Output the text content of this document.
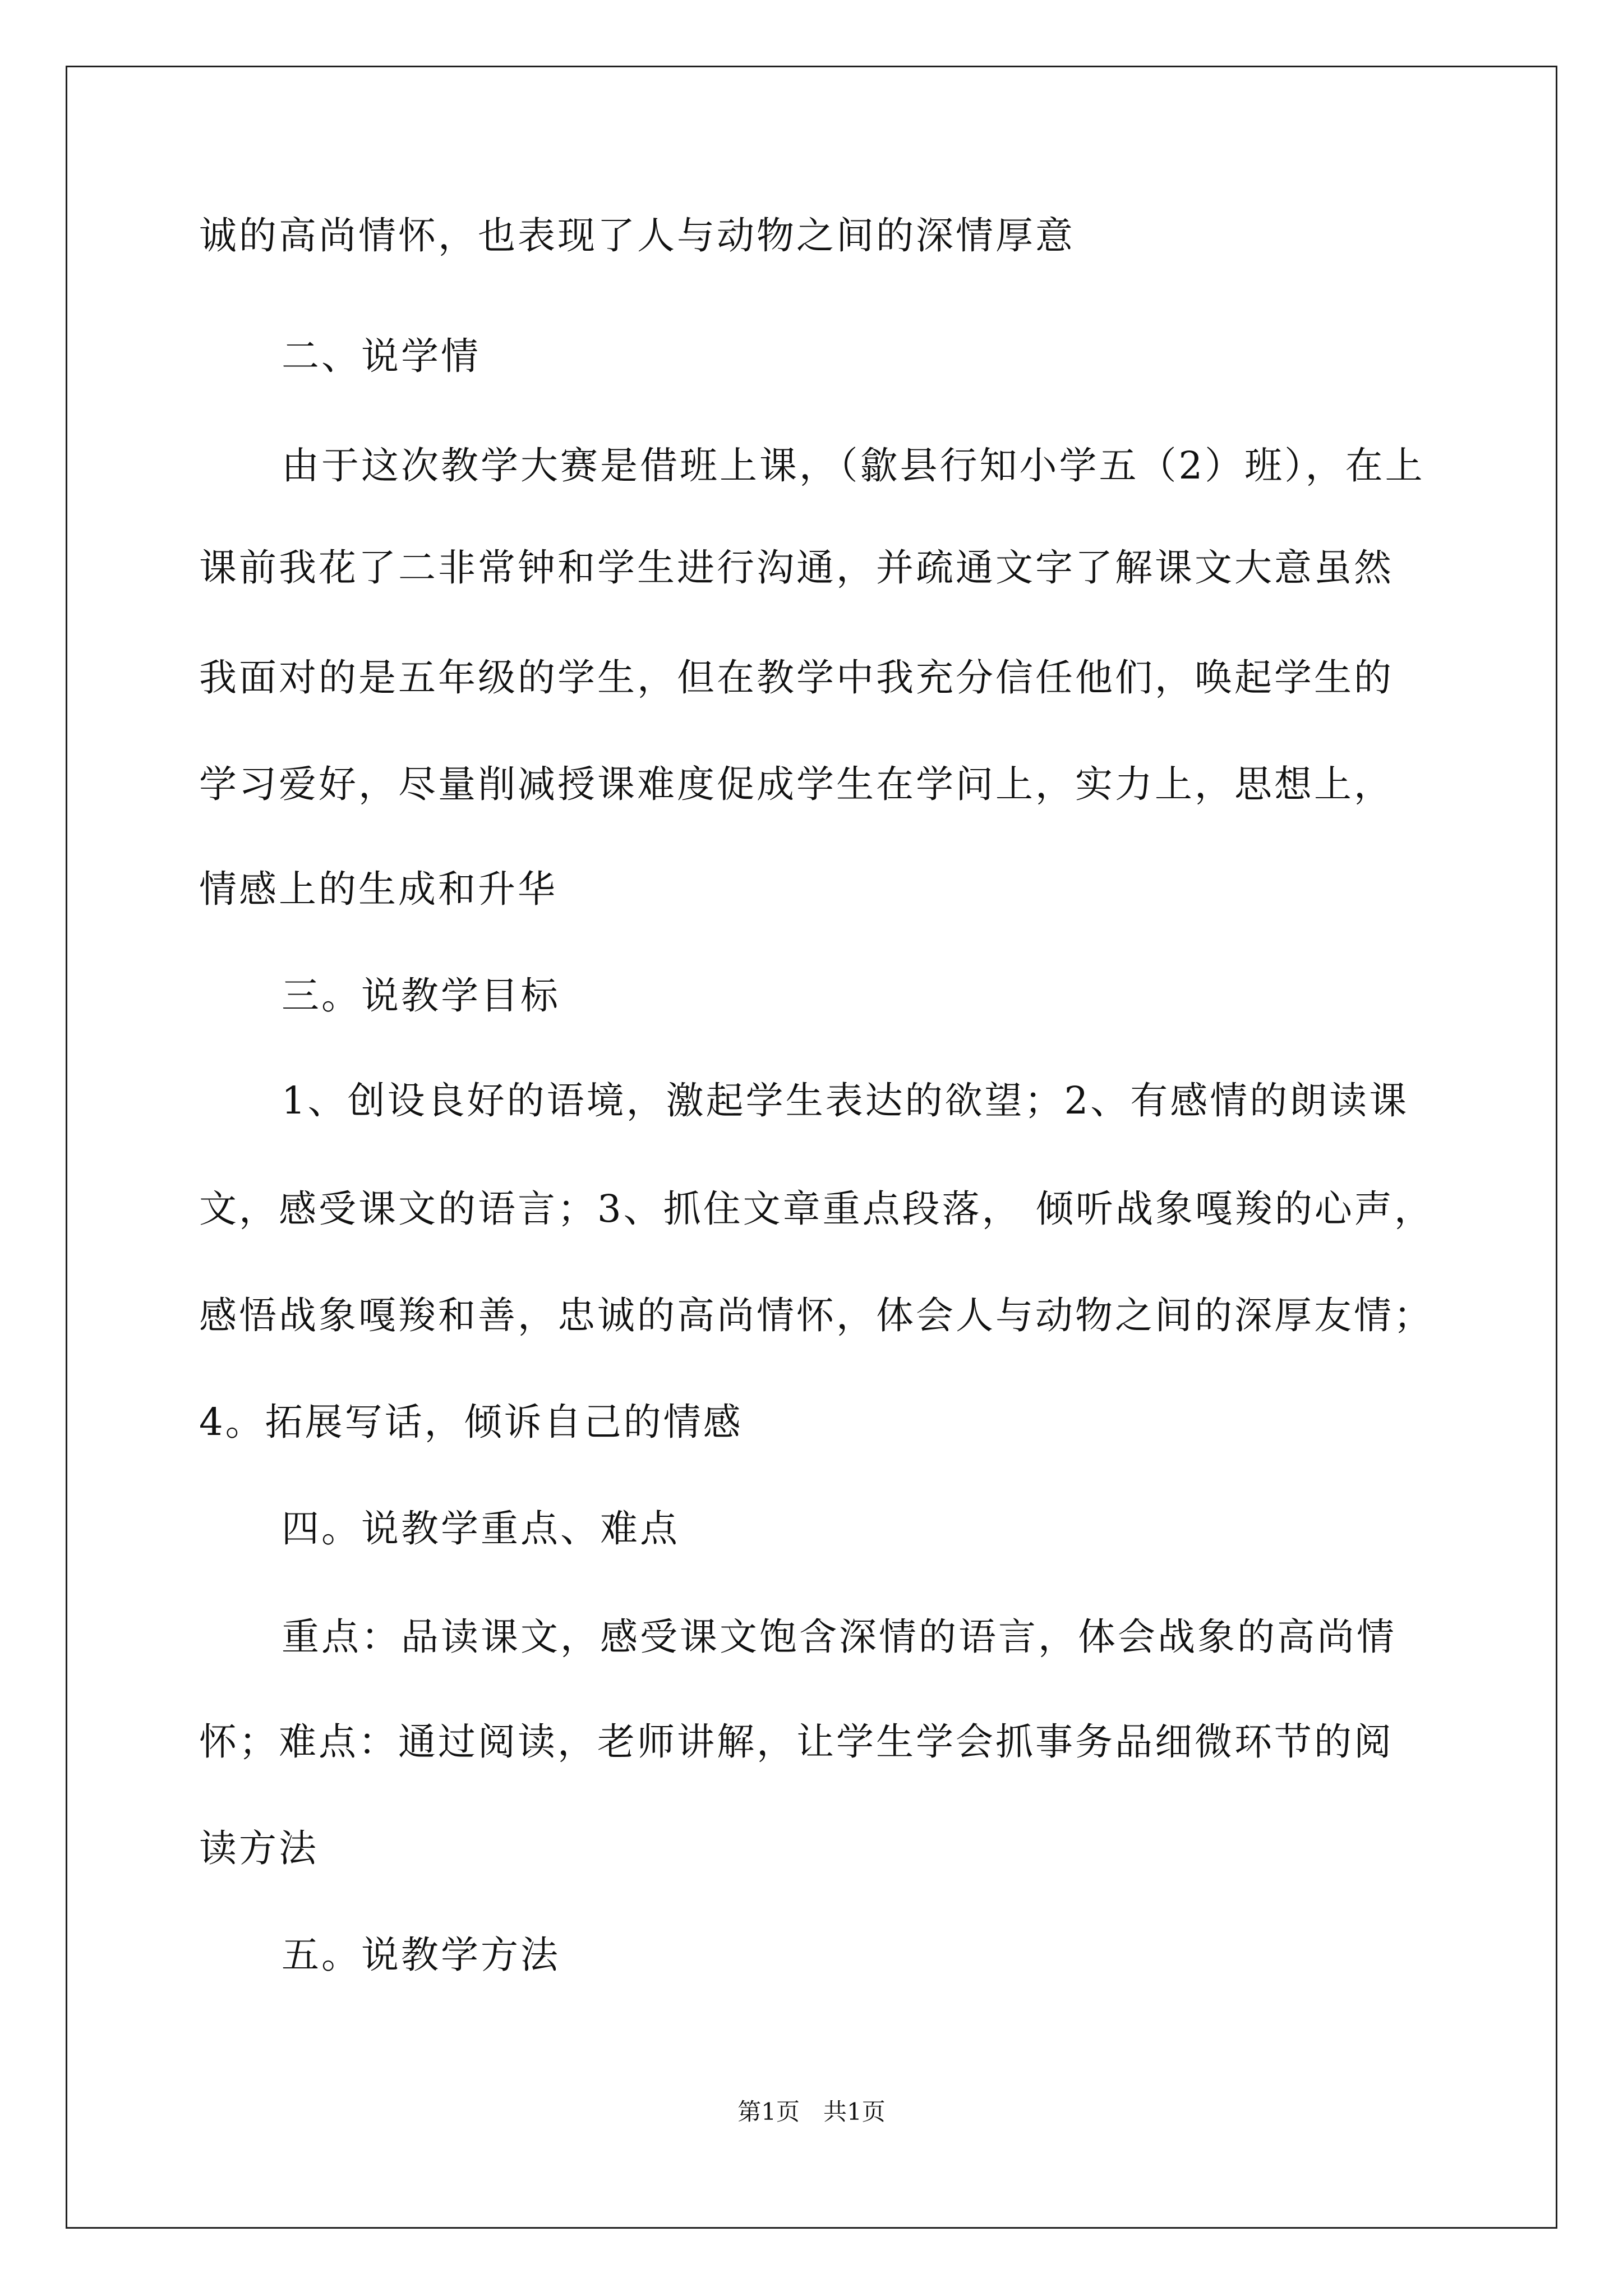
诚的高尚情怀，也表现了人与动物之间的深情厚意
二、说学情
由于这次教学大赛是借班上课，（歙县行知小学五（2）班），在上
课前我花了二非常钟和学生进行沟通，并疏通文字了解课文大意虽然
我面对的是五年级的学生，但在教学中我充分信任他们，唤起学生的
学习爱好，尽量削减授课难度促成学生在学问上，实力上，思想上，
情感上的生成和升华
三。说教学目标
1、创设良好的语境，激起学生表达的欲望；2、有感情的朗读课
文，感受课文的语言；3、抓住文章重点段落， 倾听战象嘎羧的心声，
感悟战象嘎羧和善，忠诚的高尚情怀，体会人与动物之间的深厚友情；
4。拓展写话，倾诉自己的情感
四。说教学重点、难点
重点：品读课文，感受课文饱含深情的语言，体会战象的高尚情
怀；难点：通过阅读，老师讲解，让学生学会抓事务品细微环节的阅
读方法
五。说教学方法
第1页　共1页
